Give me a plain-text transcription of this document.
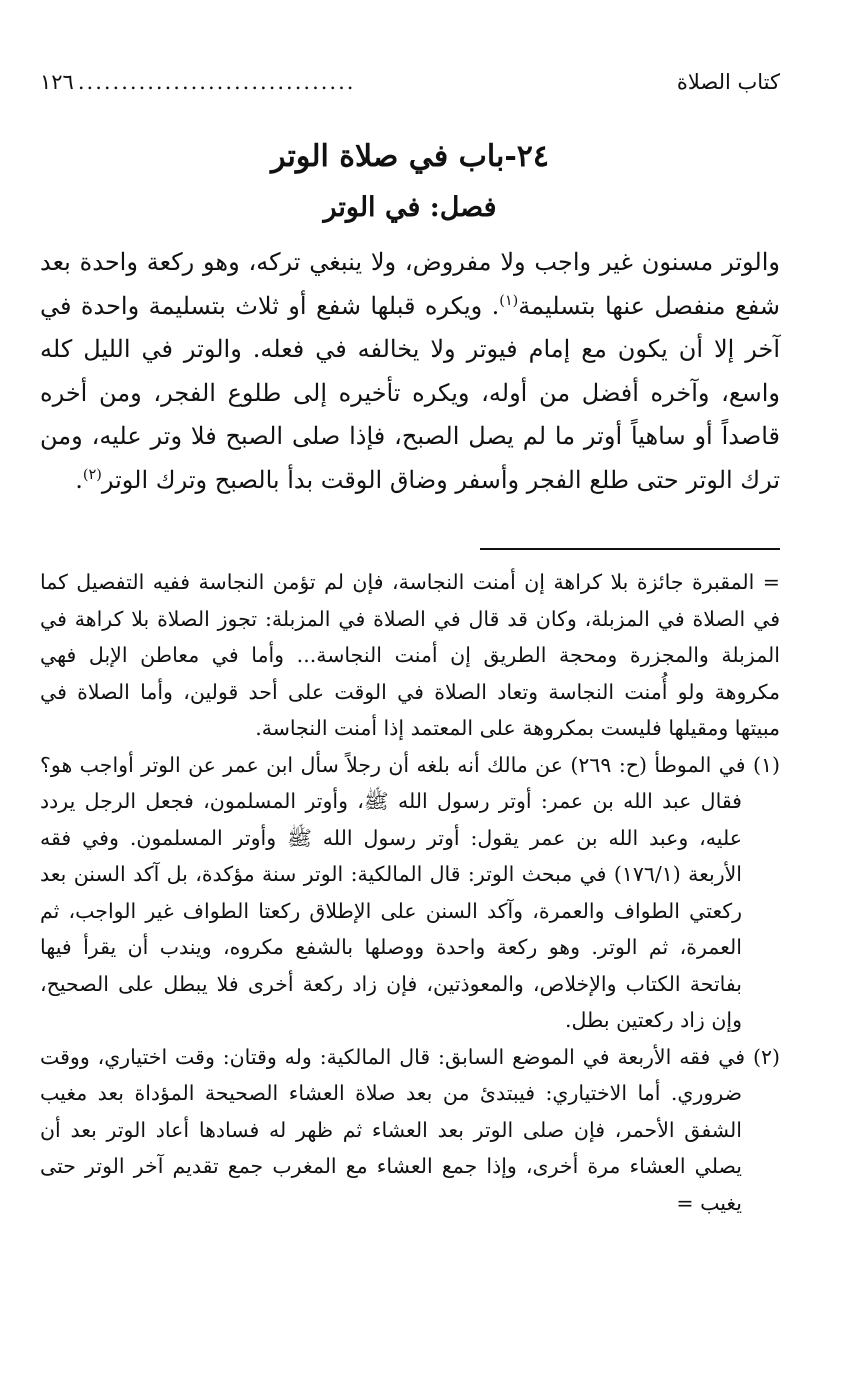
كتاب الصلاة
................................
١٢٦
٢٤-باب في صلاة الوتر
فصل: في الوتر

والوتر مسنون غير واجب ولا مفروض، ولا ينبغي تركه، وهو ركعة واحدة بعد شفع منفصل عنها بتسليمة$^{(١)}$. ويكره قبلها شفع أو ثلاث بتسليمة واحدة في آخر إلا أن يكون مع إمام فيوتر ولا يخالفه في فعله. والوتر في الليل كله واسع، وآخره أفضل من أوله، ويكره تأخيره إلى طلوع الفجر، ومن أخره قاصداً أو ساهياً أوتر ما لم يصل الصبح، فإذا صلى الصبح فلا وتر عليه، ومن ترك الوتر حتى طلع الفجر وأسفر وضاق الوقت بدأ بالصبح وترك الوتر$^{(٢)}$.

= المقبرة جائزة بلا كراهة إن أمنت النجاسة، فإن لم تؤمن النجاسة ففيه التفصيل كما في الصلاة في المزبلة، وكان قد قال في الصلاة في المزبلة: تجوز الصلاة بلا كراهة في المزبلة والمجزرة ومحجة الطريق إن أمنت النجاسة... وأما في معاطن الإبل فهي مكروهة ولو أُمنت النجاسة وتعاد الصلاة في الوقت على أحد قولين، وأما الصلاة في مبيتها ومقيلها فليست بمكروهة على المعتمد إذا أمنت النجاسة.

(١) في الموطأ (ح: ٢٦٩) عن مالك أنه بلغه أن رجلاً سأل ابن عمر عن الوتر أواجب هو؟ فقال عبد الله بن عمر: أوتر رسول الله ﷺ، وأوتر المسلمون، فجعل الرجل يردد عليه، وعبد الله بن عمر يقول: أوتر رسول الله ﷺ وأوتر المسلمون. وفي فقه الأربعة (١٧٦/١) في مبحث الوتر: قال المالكية: الوتر سنة مؤكدة، بل آكد السنن بعد ركعتي الطواف والعمرة، وآكد السنن على الإطلاق ركعتا الطواف غير الواجب، ثم العمرة، ثم الوتر. وهو ركعة واحدة ووصلها بالشفع مكروه، ويندب أن يقرأ فيها بفاتحة الكتاب والإخلاص، والمعوذتين، فإن زاد ركعة أخرى فلا يبطل على الصحيح، وإن زاد ركعتين بطل.

(٢) في فقه الأربعة في الموضع السابق: قال المالكية: وله وقتان: وقت اختياري، ووقت ضروري. أما الاختياري: فيبتدئ من بعد صلاة العشاء الصحيحة المؤداة بعد مغيب الشفق الأحمر، فإن صلى الوتر بعد العشاء ثم ظهر له فسادها أعاد الوتر بعد أن يصلي العشاء مرة أخرى، وإذا جمع العشاء مع المغرب جمع تقديم آخر الوتر حتى يغيب =
